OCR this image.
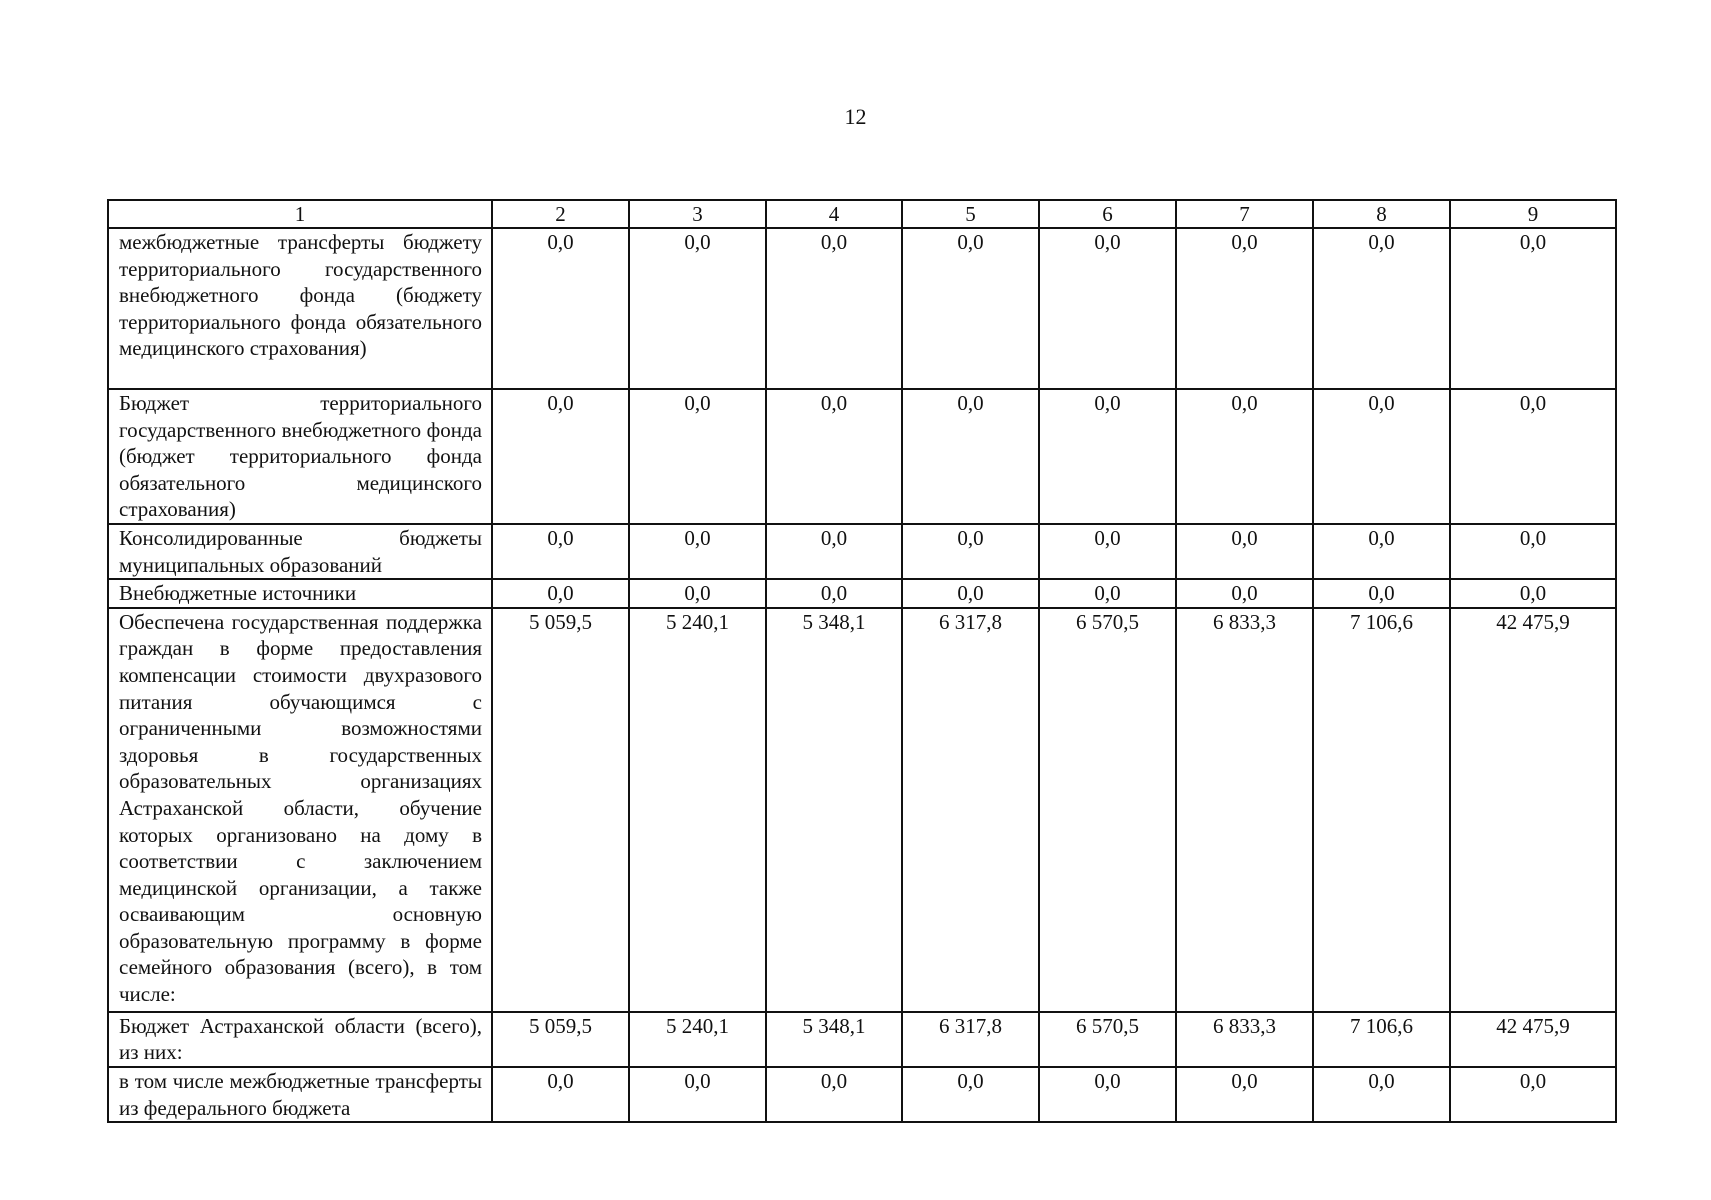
12
1	2	3	4	5	6	7	8	9
межбюджетные трансферты бюджету территориального государственного внебюджетного фонда (бюджету территориального фонда обязательного медицинского страхования)	0,0	0,0	0,0	0,0	0,0	0,0	0,0	0,0
Бюджет территориального государственного внебюджетного фонда (бюджет территориального фонда обязательного медицинского страхования)	0,0	0,0	0,0	0,0	0,0	0,0	0,0	0,0
Консолидированные бюджеты муниципальных образований	0,0	0,0	0,0	0,0	0,0	0,0	0,0	0,0
Внебюджетные источники	0,0	0,0	0,0	0,0	0,0	0,0	0,0	0,0
Обеспечена государственная поддержка граждан в форме предоставления компенсации стоимости двухразового питания обучающимся с ограниченными возможностями здоровья в государственных образовательных организациях Астраханской области, обучение которых организовано на дому в соответствии с заключением медицинской организации, а также осваивающим основную образовательную программу в форме семейного образования (всего), в том числе:	5 059,5	5 240,1	5 348,1	6 317,8	6 570,5	6 833,3	7 106,6	42 475,9
Бюджет Астраханской области (всего), из них:	5 059,5	5 240,1	5 348,1	6 317,8	6 570,5	6 833,3	7 106,6	42 475,9
в том числе межбюджетные трансферты из федерального бюджета	0,0	0,0	0,0	0,0	0,0	0,0	0,0	0,0
